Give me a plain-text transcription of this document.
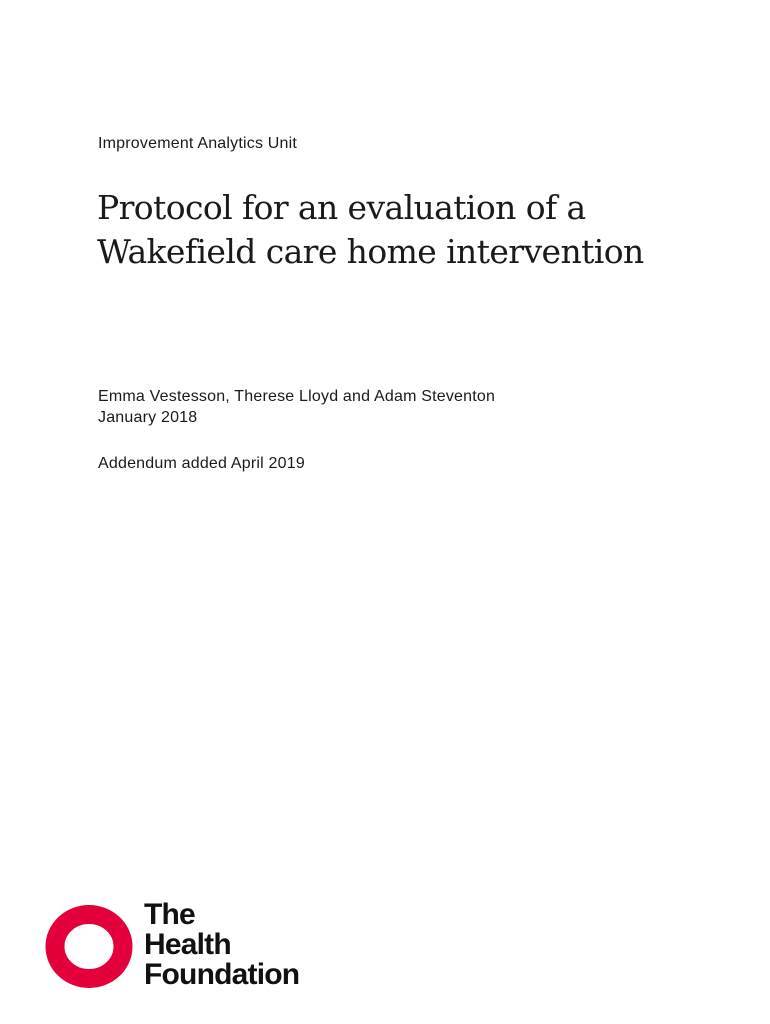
Improvement Analytics Unit
Protocol for an evaluation of a
Wakefield care home intervention
Emma Vestesson, Therese Lloyd and Adam Steventon
January 2018
Addendum added April 2019
The
Health
Foundation
